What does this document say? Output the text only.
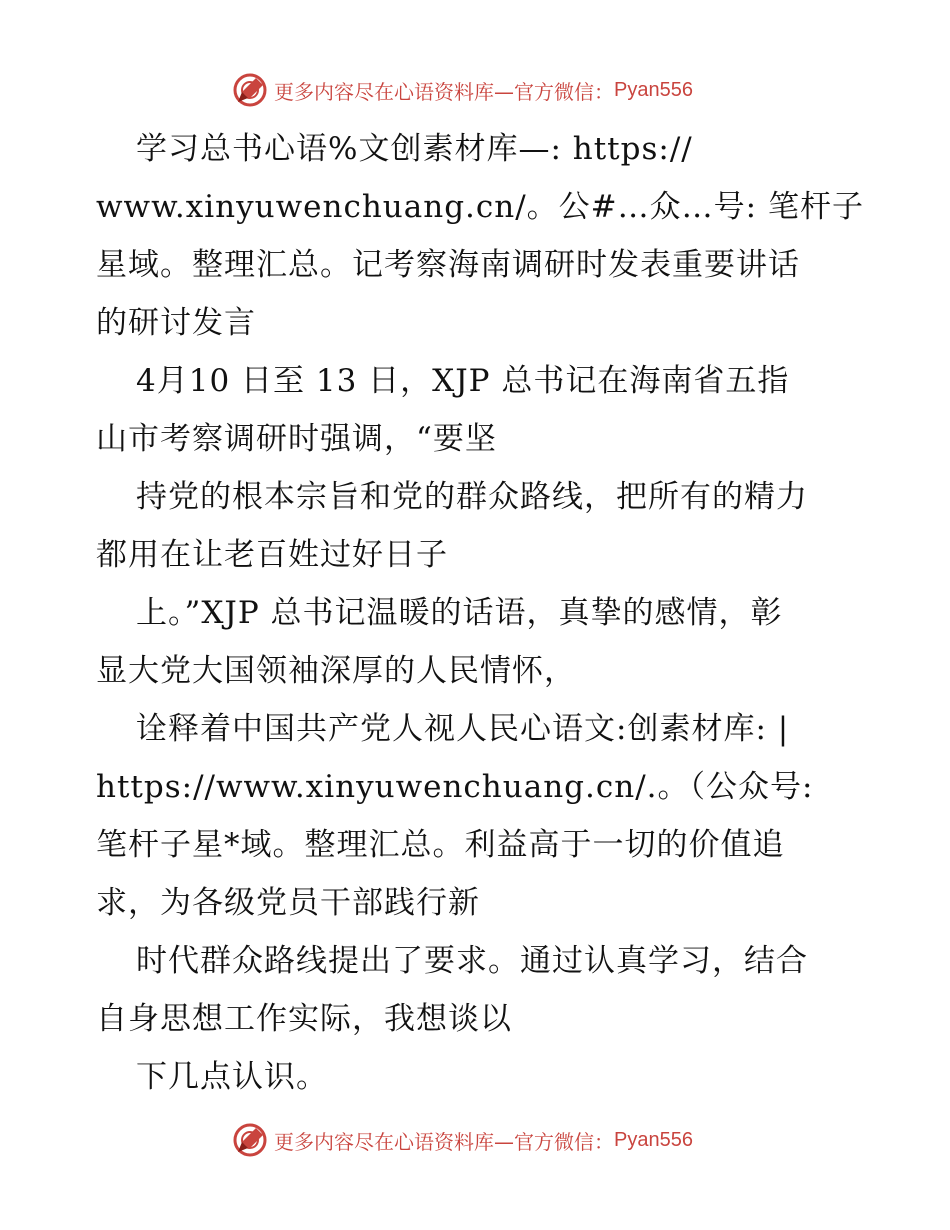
更多内容尽在心语资料库—官方微信： Pyan556
学习总书心语%文创素材库—: https://
www.xinyuwenchuang.cn/。公#…众…号: 笔杆子
星域。整理汇总。记考察海南调研时发表重要讲话
的研讨发言
4月10 日至 13 日，XJP 总书记在海南省五指
山市考察调研时强调，“要坚
持党的根本宗旨和党的群众路线，把所有的精力
都用在让老百姓过好日子
上。”XJP 总书记温暖的话语，真挚的感情，彰
显大党大国领袖深厚的人民情怀，
诠释着中国共产党人视人民心语文:创素材库: |
https://www.xinyuwenchuang.cn/.。（公众号:
笔杆子星*域。整理汇总。利益高于一切的价值追
求，为各级党员干部践行新
时代群众路线提出了要求。通过认真学习，结合
自身思想工作实际，我想谈以
下几点认识。
更多内容尽在心语资料库—官方微信： Pyan556
